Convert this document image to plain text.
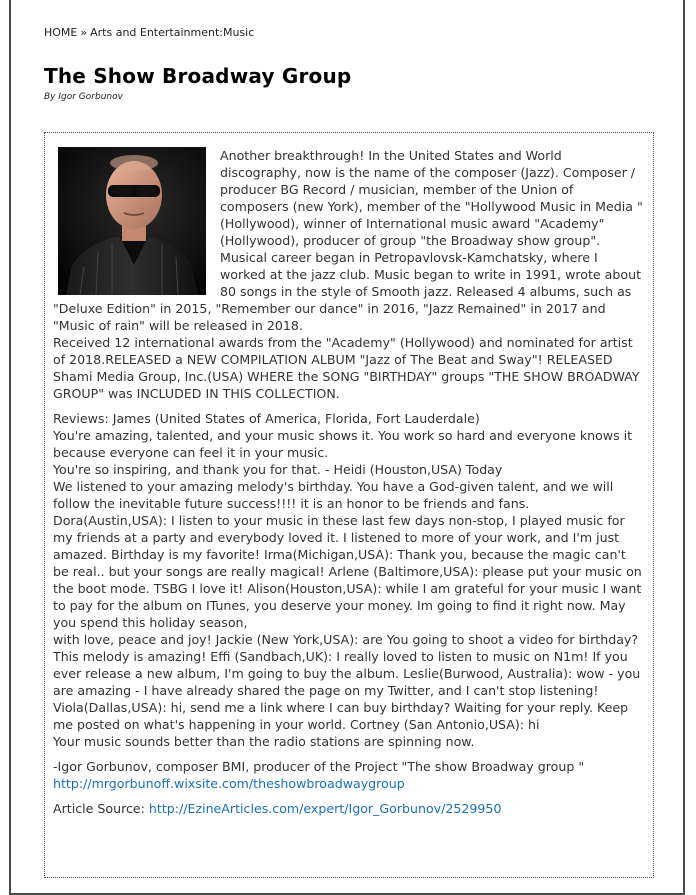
HOME » Arts and Entertainment:Music
The Show Broadway Group
By Igor Gorbunov

Another breakthrough! In the United States and World discography, now is the name of the composer (Jazz). Composer / producer BG Record / musician, member of the Union of composers (new York), member of the "Hollywood Music in Media " (Hollywood), winner of International music award "Academy" (Hollywood), producer of group "the Broadway show group".

Musical career began in Petropavlovsk-Kamchatsky, where I worked at the jazz club. Music began to write in 1991, wrote about 80 songs in the style of Smooth jazz. Released 4 albums, such as "Deluxe Edition" in 2015, "Remember our dance" in 2016, "Jazz Remained" in 2017 and "Music of rain" will be released in 2018.

Received 12 international awards from the "Academy" (Hollywood) and nominated for artist of 2018.RELEASED a NEW COMPILATION ALBUM "Jazz of The Beat and Sway"! RELEASED Shami Media Group, Inc.(USA) WHERE the SONG "BIRTHDAY" groups "THE SHOW BROADWAY GROUP" was INCLUDED IN THIS COLLECTION.

Reviews: James (United States of America, Florida, Fort Lauderdale)

You're amazing, talented, and your music shows it. You work so hard and everyone knows it because everyone can feel it in your music.

You're so inspiring, and thank you for that. - Heidi (Houston,USA) Today

We listened to your amazing melody's birthday. You have a God-given talent, and we will follow the inevitable future success!!!! it is an honor to be friends and fans. Dora(Austin,USA): I listen to your music in these last few days non-stop, I played music for my friends at a party and everybody loved it. I listened to more of your work, and I'm just amazed. Birthday is my favorite! Irma(Michigan,USA): Thank you, because the magic can't be real.. but your songs are really magical! Arlene (Baltimore,USA): please put your music on the boot mode. TSBG I love it! Alison(Houston,USA): while I am grateful for your music I want to pay for the album on ITunes, you deserve your money. Im going to find it right now. May you spend this holiday season,

with love, peace and joy! Jackie (New York,USA): are You going to shoot a video for birthday? This melody is amazing! Effi (Sandbach,UK): I really loved to listen to music on N1m! If you ever release a new album, I'm going to buy the album. Leslie(Burwood, Australia): wow - you are amazing - I have already shared the page on my Twitter, and I can't stop listening! Viola(Dallas,USA): hi, send me a link where I can buy birthday? Waiting for your reply. Keep me posted on what's happening in your world. Cortney (San Antonio,USA): hi

Your music sounds better than the radio stations are spinning now.

-Igor Gorbunov, composer BMI, producer of the Project "The show Broadway group "

http://mrgorbunoff.wixsite.com/theshowbroadwaygroup

Article Source: http://EzineArticles.com/expert/Igor_Gorbunov/2529950
